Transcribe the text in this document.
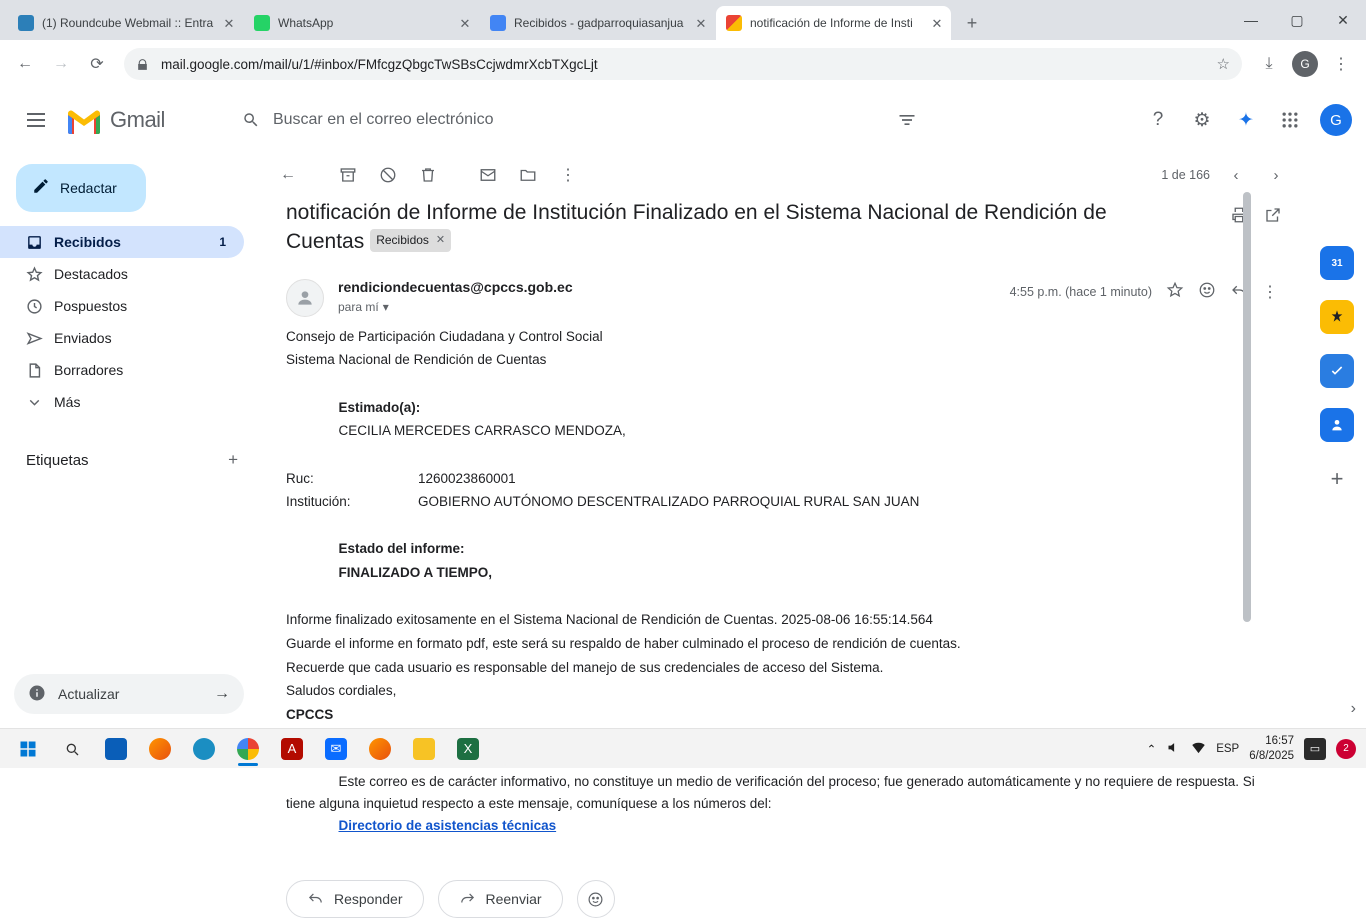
(1) Roundcube Webmail :: Entra ✕	WhatsApp	✕	Recibidos - gadparroquiasanjua ✕	notificación de Informe de Insti	✕	+	—	▢	✕
←	→	⟳	mail.google.com/mail/u/1/#inbox/FMfcgzQbgcTwSBsCcjwdmrXcbTXgcLjt	☆	⤓	G	⋮
Gmail
Buscar en el correo electrónico	?	⚙	✦	G
Redactar
Recibidos	1
Destacados
Pospuestos
Enviados
Borradores
Más
Etiquetas	+
Actualizar	→
←	⋮	1 de 166	‹	›
notificación de Informe de Institución Finalizado en el Sistema Nacional de Rendición de Cuentas Recibidos ✕
rendiciondecuentas@cpccs.gob.ec
para mí ▾
4:55 p.m. (hace 1 minuto)	⋮
Consejo de Participación Ciudadana y Control Social
Sistema Nacional de Rendición de Cuentas

Estimado(a):
CECILIA MERCEDES CARRASCO MENDOZA,

Ruc:	1260023860001
Institución:	GOBIERNO AUTÓNOMO DESCENTRALIZADO PARROQUIAL RURAL SAN JUAN

Estado del informe:
FINALIZADO A TIEMPO,

Informe finalizado exitosamente en el Sistema Nacional de Rendición de Cuentas. 2025-08-06 16:55:14.564
Guarde el informe en formato pdf, este será su respaldo de haber culminado el proceso de rendición de cuentas.
Recuerde que cada usuario es responsable del manejo de sus credenciales de acceso del Sistema.
Saludos cordiales,
CPCCS

Este correo es de carácter informativo, no constituye un medio de verificación del proceso; fue generado automáticamente y no requiere de respuesta. Si tiene alguna inquietud respecto a este mensaje, comuníquese a los números del:
Directorio de asistencias técnicas

Responder	Reenviar
31
+
›
A	✉	X	⌃	ESP
16:57
6/8/2025
▭	2
